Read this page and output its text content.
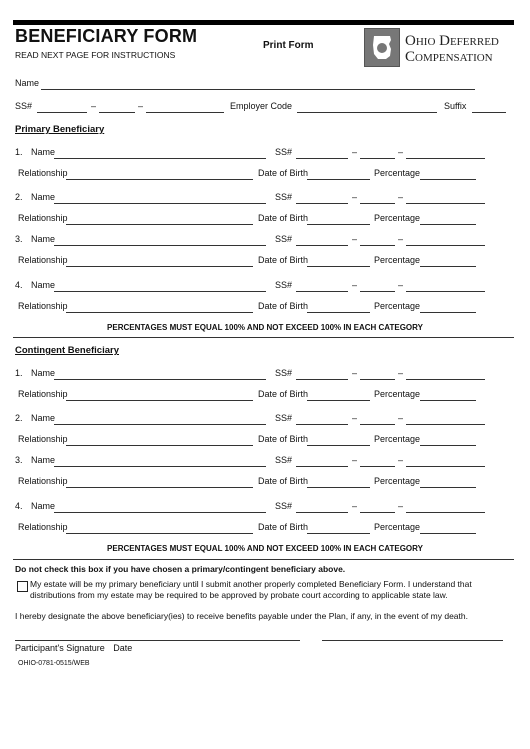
BENEFICIARY FORM
READ NEXT PAGE FOR INSTRUCTIONS
Print Form	Ohio Deferred
Compensation
Name
SS#	–	–	Employer Code	Suffix
Primary Beneficiary
1. Name	SS#	–	–
Relationship	Date of Birth	Percentage
2. Name	SS#	–	–
Relationship	Date of Birth	Percentage
3. Name	SS#	–	–
Relationship	Date of Birth	Percentage
4. Name	SS#	–	–
Relationship	Date of Birth	Percentage
PERCENTAGES MUST EQUAL 100% AND NOT EXCEED 100% IN EACH CATEGORY
Contingent Beneficiary
1. Name	SS#	–	–
Relationship	Date of Birth	Percentage
2. Name	SS#	–	–
Relationship	Date of Birth	Percentage
3. Name	SS#	–	–
Relationship	Date of Birth	Percentage
4. Name	SS#	–	–
Relationship	Date of Birth	Percentage
PERCENTAGES MUST EQUAL 100% AND NOT EXCEED 100% IN EACH CATEGORY
Do not check this box if you have chosen a primary/contingent beneficiary above.
My estate will be my primary beneficiary until I submit another properly completed Beneficiary Form. I understand that distributions from my estate may be required to be approved by probate court according to applicable state law.
I hereby designate the above beneficiary(ies) to receive benefits payable under the Plan, if any, in the event of my death.
Participant's Signature Date
OHIO-0781-0515/WEB
